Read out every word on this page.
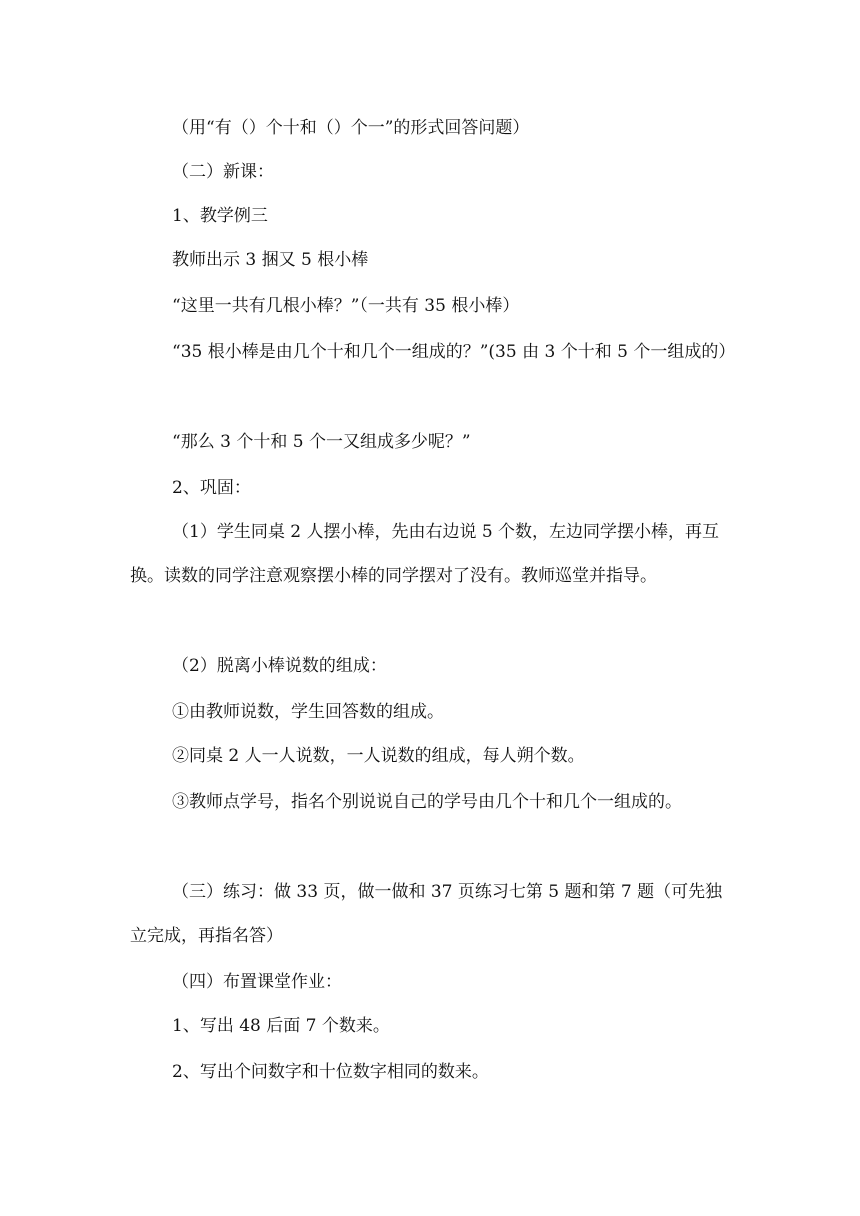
（用“有（）个十和（）个一”的形式回答问题）

（二）新课：

1、教学例三

教师出示 3 捆又 5 根小棒

“这里一共有几根小棒？”（一共有 35 根小棒）

“35 根小棒是由几个十和几个一组成的？”(35 由 3 个十和 5 个一组成的）

“那么 3 个十和 5 个一又组成多少呢？”

2、巩固：

（1）学生同桌 2 人摆小棒，先由右边说 5 个数，左边同学摆小棒，再互换。读数的同学注意观察摆小棒的同学摆对了没有。教师巡堂并指导。

（2）脱离小棒说数的组成：

①由教师说数，学生回答数的组成。

②同桌 2 人一人说数，一人说数的组成，每人朔个数。

③教师点学号，指名个别说说自己的学号由几个十和几个一组成的。

（三）练习：做 33 页，做一做和 37 页练习七第 5 题和第 7 题（可先独立完成，再指名答）

（四）布置课堂作业：

1、写出 48 后面 7 个数来。

2、写出个问数字和十位数字相同的数来。
